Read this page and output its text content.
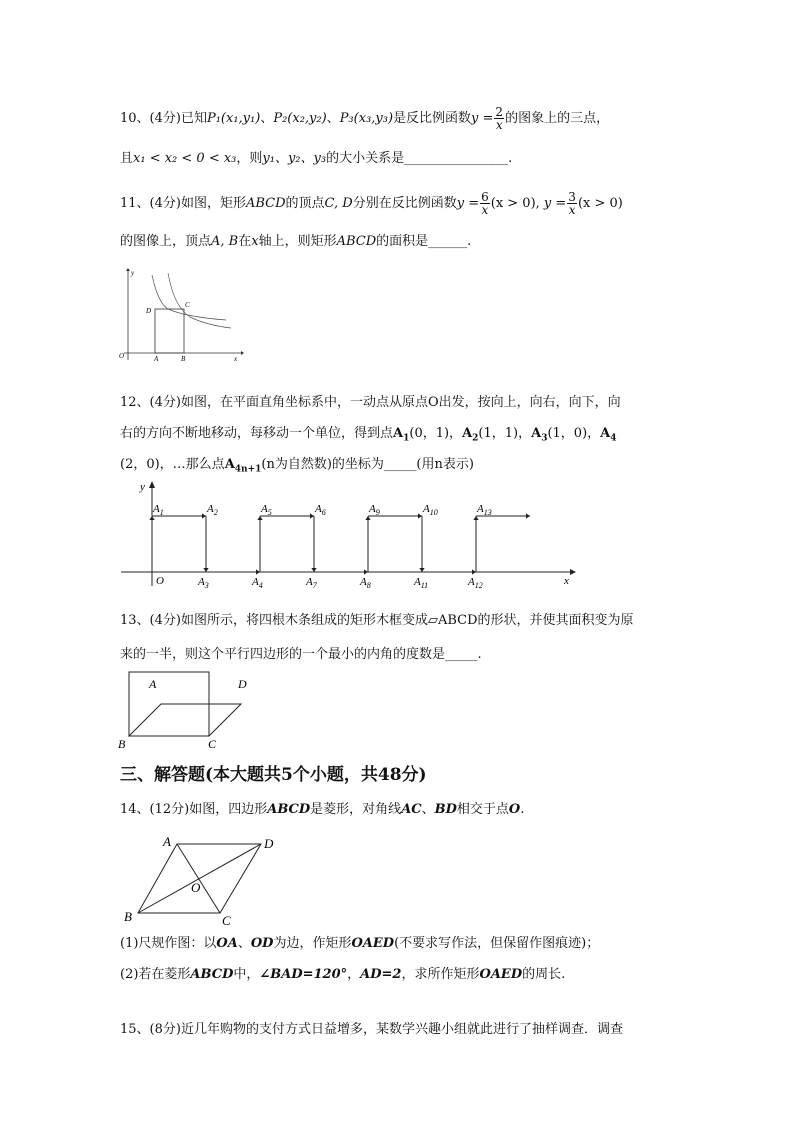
10、(4分)已知P₁(x₁,y₁)、P₂(x₂,y₂)、P₃(x₃,y₃)是反比例函数$y = \frac{2}{x}$ 的图象上的三点，
且x₁ < x₂ < 0 < x₃，则y₁、y₂、y₃的大小关系是________________.
11、(4分)如图，矩形ABCD的顶点C, D分别在反比例函数$y = \frac{6}{x} (x > 0)$, $y = \frac{3}{x} (x > 0)$
的图像上，顶点A, B在x轴上，则矩形ABCD的面积是______.
y
x
O	A	B
C
D
12、(4分)如图，在平面直角坐标系中，一动点从原点O出发，按向上，向右，向下，向
右的方向不断地移动，每移动一个单位，得到点$A_1(0$，1)，$A_2(1$，1)，$A_3(1$，0)，$A_4$
(2，0)，…那么点$A_{4n+1}(n$为自然数)的坐标为_____(用n表示)
y
x
O
$A_1$	$A_2$	$A_5$	$A_6$	$A_9$	$A_{10}$	$A_{13}$
$A_3$	$A_4$	$A_7$	$A_8$	$A_{11}$	$A_{12}$
13、(4分)如图所示，将四根木条组成的矩形木框变成▱ABCD的形状，并使其面积变为原
来的一半，则这个平行四边形的一个最小的内角的度数是_____.
A	D
B	C
三、解答题(本大题共5个小题，共48分)
14、(12分)如图，四边形ABCD是菱形，对角线AC、BD相交于点O.
A	D
B	C
O
(1)尺规作图：以OA、OD为边，作矩形OAED(不要求写作法，但保留作图痕迹)；
(2)若在菱形ABCD中，∠BAD=120°，AD=2，求所作矩形OAED的周长.
15、(8分)近几年购物的支付方式日益增多，某数学兴趣小组就此进行了抽样调查．调查
